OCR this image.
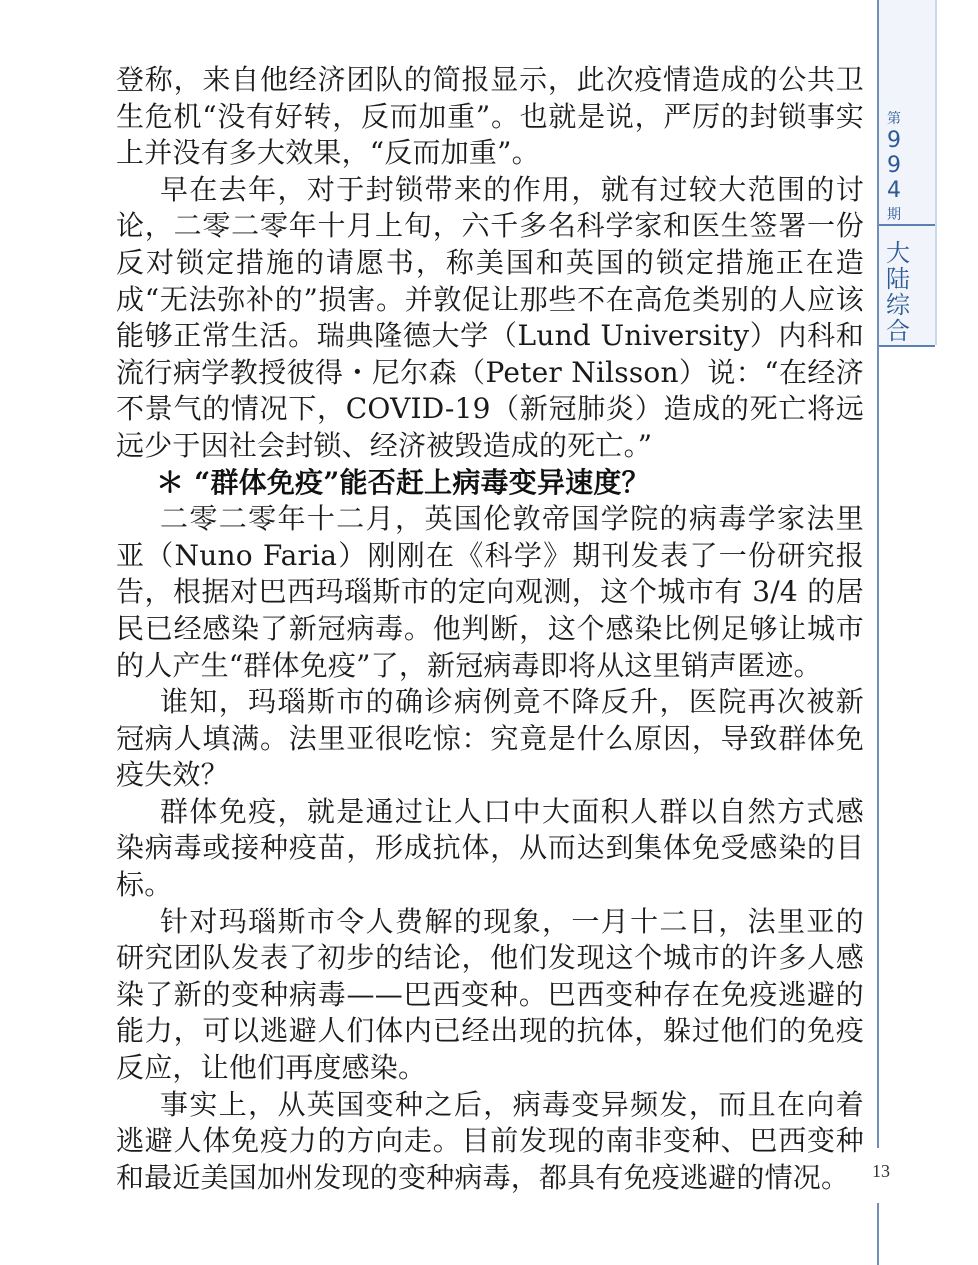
登称，来自他经济团队的简报显示，此次疫情造成的公共卫生危机“没有好转，反而加重”。也就是说，严厉的封锁事实上并没有多大效果，“反而加重”。

早在去年，对于封锁带来的作用，就有过较大范围的讨论，二零二零年十月上旬，六千多名科学家和医生签署一份反对锁定措施的请愿书，称美国和英国的锁定措施正在造成“无法弥补的”损害。并敦促让那些不在高危类别的人应该能够正常生活。瑞典隆德大学（Lund University）内科和流行病学教授彼得・尼尔森（Peter Nilsson）说：“在经济不景气的情况下，COVID-19（新冠肺炎）造成的死亡将远远少于因社会封锁、经济被毁造成的死亡。”

＊ “群体免疫”能否赶上病毒变异速度？

二零二零年十二月，英国伦敦帝国学院的病毒学家法里亚（Nuno Faria）刚刚在《科学》期刊发表了一份研究报告，根据对巴西玛瑙斯市的定向观测，这个城市有 3/4 的居民已经感染了新冠病毒。他判断，这个感染比例足够让城市的人产生“群体免疫”了，新冠病毒即将从这里销声匿迹。

谁知，玛瑙斯市的确诊病例竟不降反升，医院再次被新冠病人填满。法里亚很吃惊：究竟是什么原因，导致群体免疫失效？

群体免疫，就是通过让人口中大面积人群以自然方式感染病毒或接种疫苗，形成抗体，从而达到集体免受感染的目标。

针对玛瑙斯市令人费解的现象，一月十二日，法里亚的研究团队发表了初步的结论，他们发现这个城市的许多人感染了新的变种病毒——巴西变种。巴西变种存在免疫逃避的能力，可以逃避人们体内已经出现的抗体，躲过他们的免疫反应，让他们再度感染。

事实上，从英国变种之后，病毒变异频发，而且在向着逃避人体免疫力的方向走。目前发现的南非变种、巴西变种和最近美国加州发现的变种病毒，都具有免疫逃避的情况。

第
9
9
4
期
大陆综合
13
